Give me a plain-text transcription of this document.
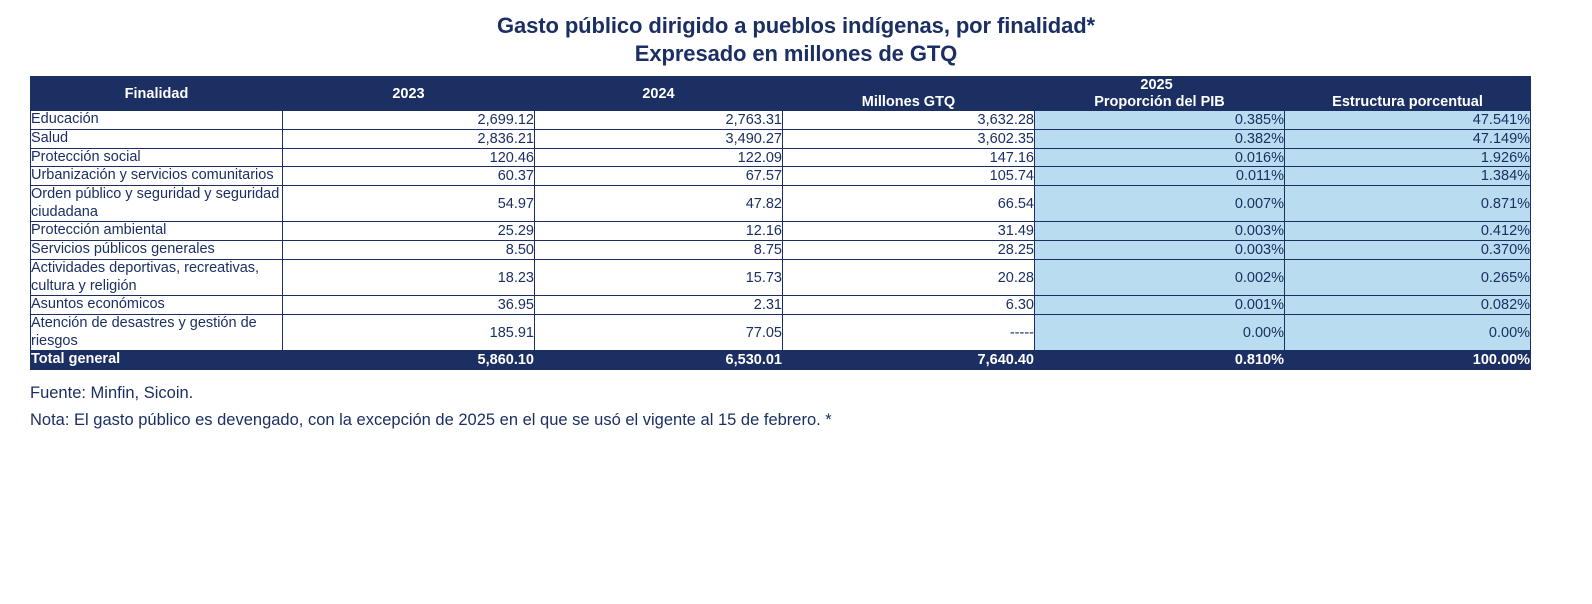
Gasto público dirigido a pueblos indígenas, por finalidad*
Expresado en millones de GTQ
Finalidad	2023	2024	2025		
			Millones GTQ	Proporción del PIB	Estructura porcentual
Educación	2,699.12	2,763.31	3,632.28	0.385%	47.541%
Salud	2,836.21	3,490.27	3,602.35	0.382%	47.149%
Protección social	120.46	122.09	147.16	0.016%	1.926%
Urbanización y servicios comunitarios	60.37	67.57	105.74	0.011%	1.384%
Orden público y seguridad y seguridad ciudadana	54.97	47.82	66.54	0.007%	0.871%
Protección ambiental	25.29	12.16	31.49	0.003%	0.412%
Servicios públicos generales	8.50	8.75	28.25	0.003%	0.370%
Actividades deportivas, recreativas, cultura y religión	18.23	15.73	20.28	0.002%	0.265%
Asuntos económicos	36.95	2.31	6.30	0.001%	0.082%
Atención de desastres y gestión de riesgos	185.91	77.05	-----	0.00%	0.00%
Total general	5,860.10	6,530.01	7,640.40	0.810%	100.00%
Fuente: Minfin, Sicoin.
Nota: El gasto público es devengado, con la excepción de 2025 en el que se usó el vigente al 15 de febrero. *
